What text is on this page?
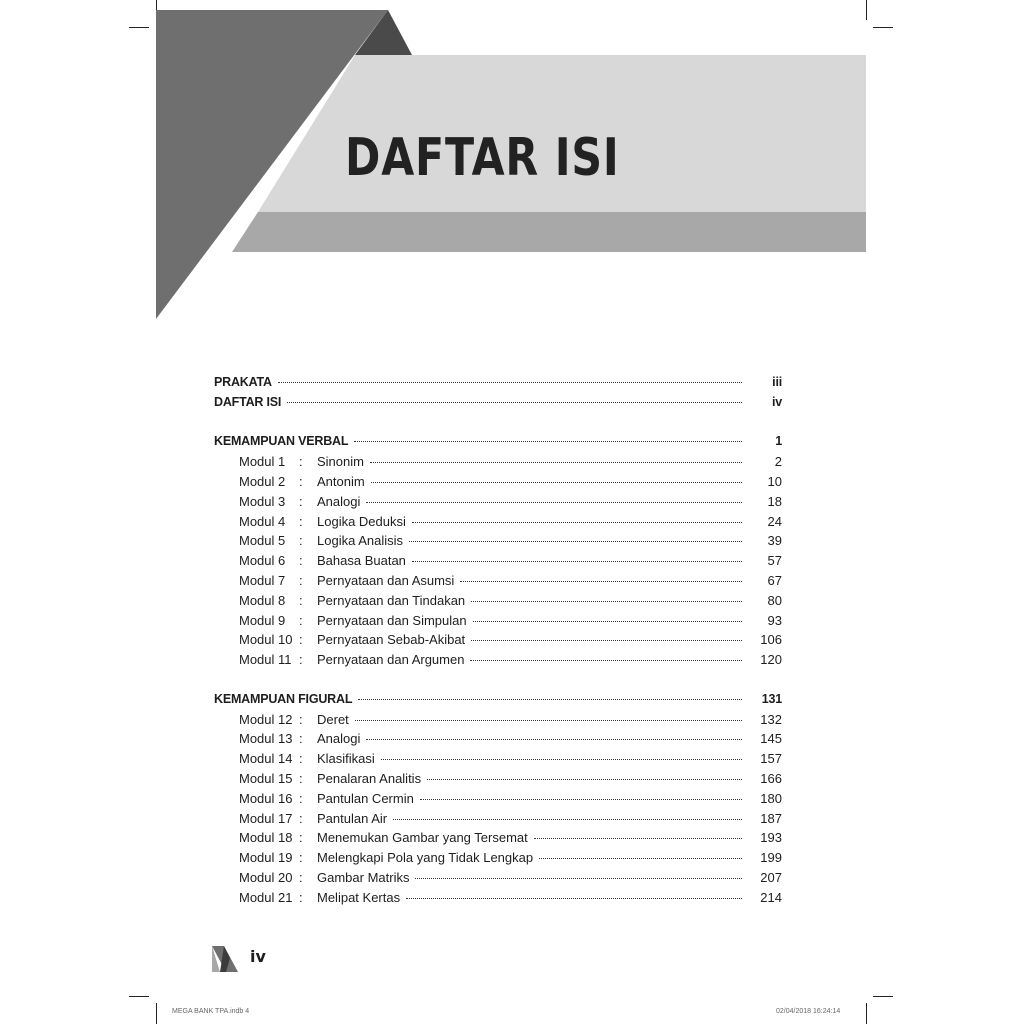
DAFTAR ISI
PRAKATA	iii
DAFTAR ISI	iv
KEMAMPUAN VERBAL	1
Modul 1	:	Sinonim	2
Modul 2	:	Antonim	10
Modul 3	:	Analogi	18
Modul 4	:	Logika Deduksi	24
Modul 5	:	Logika Analisis	39
Modul 6	:	Bahasa Buatan	57
Modul 7	:	Pernyataan dan Asumsi	67
Modul 8	:	Pernyataan dan Tindakan	80
Modul 9	:	Pernyataan dan Simpulan	93
Modul 10 :	Pernyataan Sebab-Akibat	106
Modul 11 :	Pernyataan dan Argumen	120
KEMAMPUAN FIGURAL	131
Modul 12 :	Deret	132
Modul 13 :	Analogi	145
Modul 14 :	Klasifikasi	157
Modul 15 :	Penalaran Analitis	166
Modul 16 :	Pantulan Cermin	180
Modul 17 :	Pantulan Air	187
Modul 18 :	Menemukan Gambar yang Tersemat	193
Modul 19 :	Melengkapi Pola yang Tidak Lengkap	199
Modul 20 :	Gambar Matriks	207
Modul 21 :	Melipat Kertas	214
iv
MEGA BANK TPA.indb 4	02/04/2018 16:24:14
